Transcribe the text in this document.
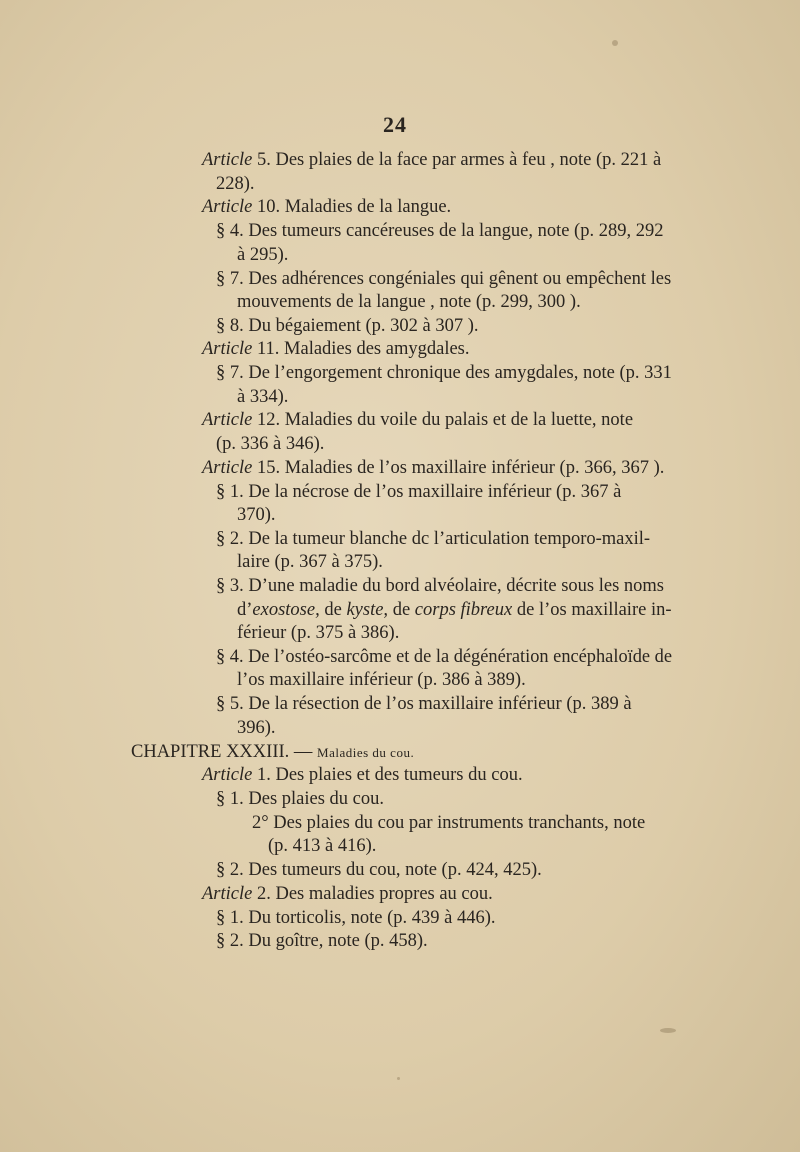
24
Article 5. Des plaies de la face par armes à feu , note (p. 221 à
228).
Article 10. Maladies de la langue.
§ 4. Des tumeurs cancéreuses de la langue, note (p. 289, 292
à 295).
§ 7. Des adhérences congéniales qui gênent ou empêchent les
mouvements de la langue , note (p. 299, 300 ).
§ 8. Du bégaiement (p. 302 à 307 ).
Article 11. Maladies des amygdales.
§ 7. De l’engorgement chronique des amygdales, note (p. 331
à 334).
Article 12. Maladies du voile du palais et de la luette, note
(p. 336 à 346).
Article 15. Maladies de l’os maxillaire inférieur (p. 366, 367 ).
§ 1. De la nécrose de l’os maxillaire inférieur (p. 367 à
370).
§ 2. De la tumeur blanche dc l’articulation temporo-maxil-
laire (p. 367 à 375).
§ 3. D’une maladie du bord alvéolaire, décrite sous les noms
d’exostose, de kyste, de corps fibreux de l’os maxillaire in-
férieur (p. 375 à 386).
§ 4. De l’ostéo-sarcôme et de la dégénération encéphaloïde de
l’os maxillaire inférieur (p. 386 à 389).
§ 5. De la résection de l’os maxillaire inférieur (p. 389 à
396).
CHAPITRE XXXIII. — Maladies du cou.
Article 1. Des plaies et des tumeurs du cou.
§ 1. Des plaies du cou.
2° Des plaies du cou par instruments tranchants, note
(p. 413 à 416).
§ 2. Des tumeurs du cou, note (p. 424, 425).
Article 2. Des maladies propres au cou.
§ 1. Du torticolis, note (p. 439 à 446).
§ 2. Du goître, note (p. 458).
